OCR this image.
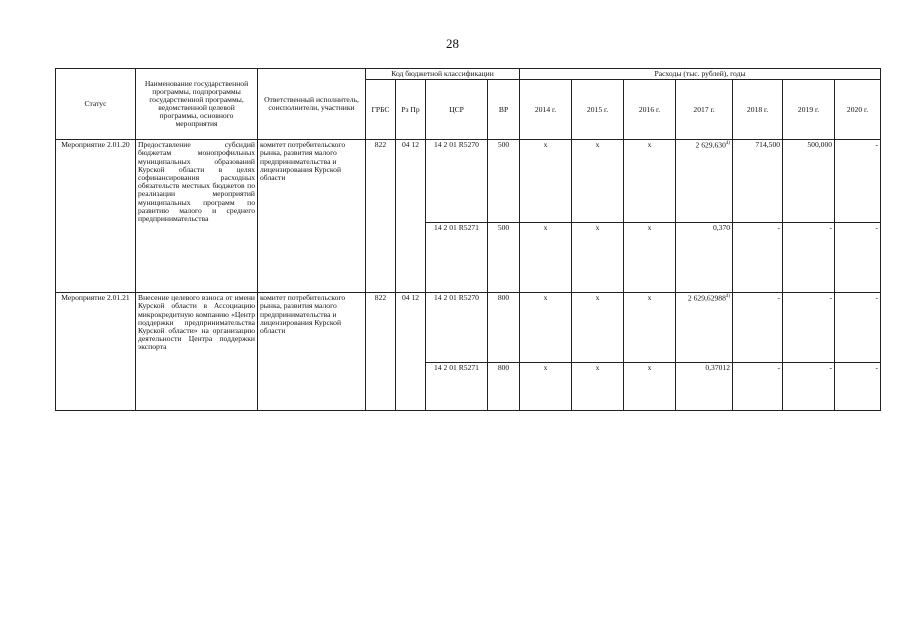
28
Статус	Наименование государственной программы, подпрограммы государственной программы, ведомственной целевой программы, основного мероприятия	Ответственный исполнитель, соисполнители, участники	Код бюджетной классификации				Расходы (тыс. рублей), годы						
			ГРБС	Рз Пр	ЦСР	ВР	2014 г.	2015 г.	2016 г.	2017 г.	2018 г.	2019 г.	2020 г.
Мероприятие 2.01.20	Предоставление субсидий бюджетам монопрофильных муниципальных образований Курской области в целях софинансирования расходных обязательств местных бюджетов по реализации мероприятий муниципальных программ по развитию малого и среднего предпринимательства	комитет потребительского рынка, развития малого предпринимательства и лицензирования Курской области	822	04 12	14 2 01 R5270	500	x	x	x	2 629,630$^{4)}$	714,500	500,000	-
					14 2 01 R5271	500	x	x	x	0,370	-	-	-
Мероприятие 2.01.21	Внесение целевого взноса от имени Курской области в Ассоциацию микрокредитную компанию «Центр поддержки предпринимательства Курской области» на организацию деятельности Центра поддержки экспорта	комитет потребительского рынка, развития малого предпринимательства и лицензирования Курской области	822	04 12	14 2 01 R5270	800	x	x	x	2 629,62988$^{4)}$	-	-	-
					14 2 01 R5271	800	x	x	x	0,37012	-	-	-
